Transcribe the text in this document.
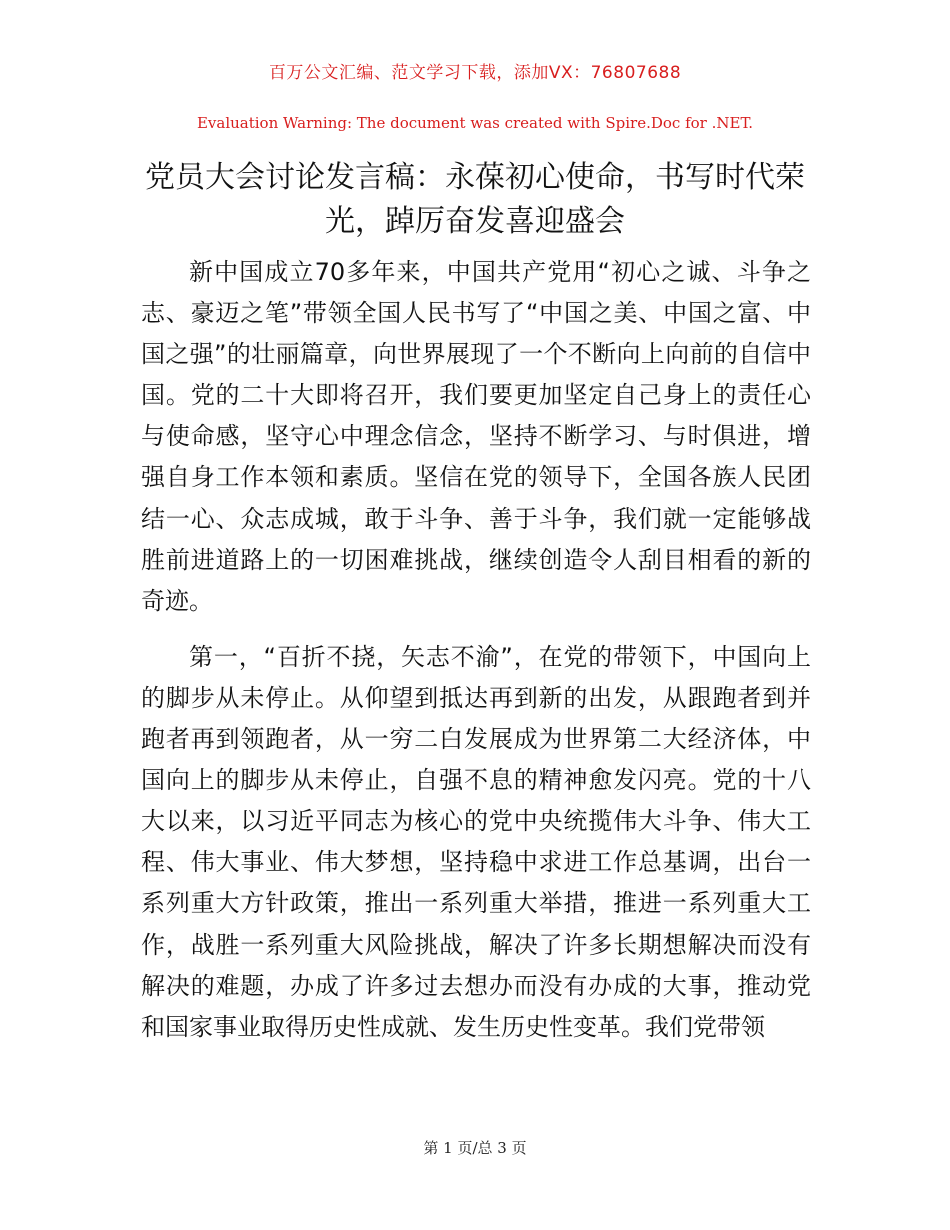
百万公文汇编、范文学习下载，添加VX：76807688
Evaluation Warning: The document was created with Spire.Doc for .NET.
党员大会讨论发言稿：永葆初心使命，书写时代荣光，踔厉奋发喜迎盛会

新中国成立70多年来，中国共产党用“初心之诚、斗争之志、豪迈之笔”带领全国人民书写了“中国之美、中国之富、中国之强”的壮丽篇章，向世界展现了一个不断向上向前的自信中国。党的二十大即将召开，我们要更加坚定自己身上的责任心与使命感，坚守心中理念信念，坚持不断学习、与时俱进，增强自身工作本领和素质。坚信在党的领导下，全国各族人民团结一心、众志成城，敢于斗争、善于斗争，我们就一定能够战胜前进道路上的一切困难挑战，继续创造令人刮目相看的新的奇迹。

第一，“百折不挠，矢志不渝”，在党的带领下，中国向上的脚步从未停止。从仰望到抵达再到新的出发，从跟跑者到并跑者再到领跑者，从一穷二白发展成为世界第二大经济体，中国向上的脚步从未停止，自强不息的精神愈发闪亮。党的十八大以来，以习近平同志为核心的党中央统揽伟大斗争、伟大工程、伟大事业、伟大梦想，坚持稳中求进工作总基调，出台一系列重大方针政策，推出一系列重大举措，推进一系列重大工作，战胜一系列重大风险挑战，解决了许多长期想解决而没有解决的难题，办成了许多过去想办而没有办成的大事，推动党和国家事业取得历史性成就、发生历史性变革。我们党带领

第 1 页/总 3 页
